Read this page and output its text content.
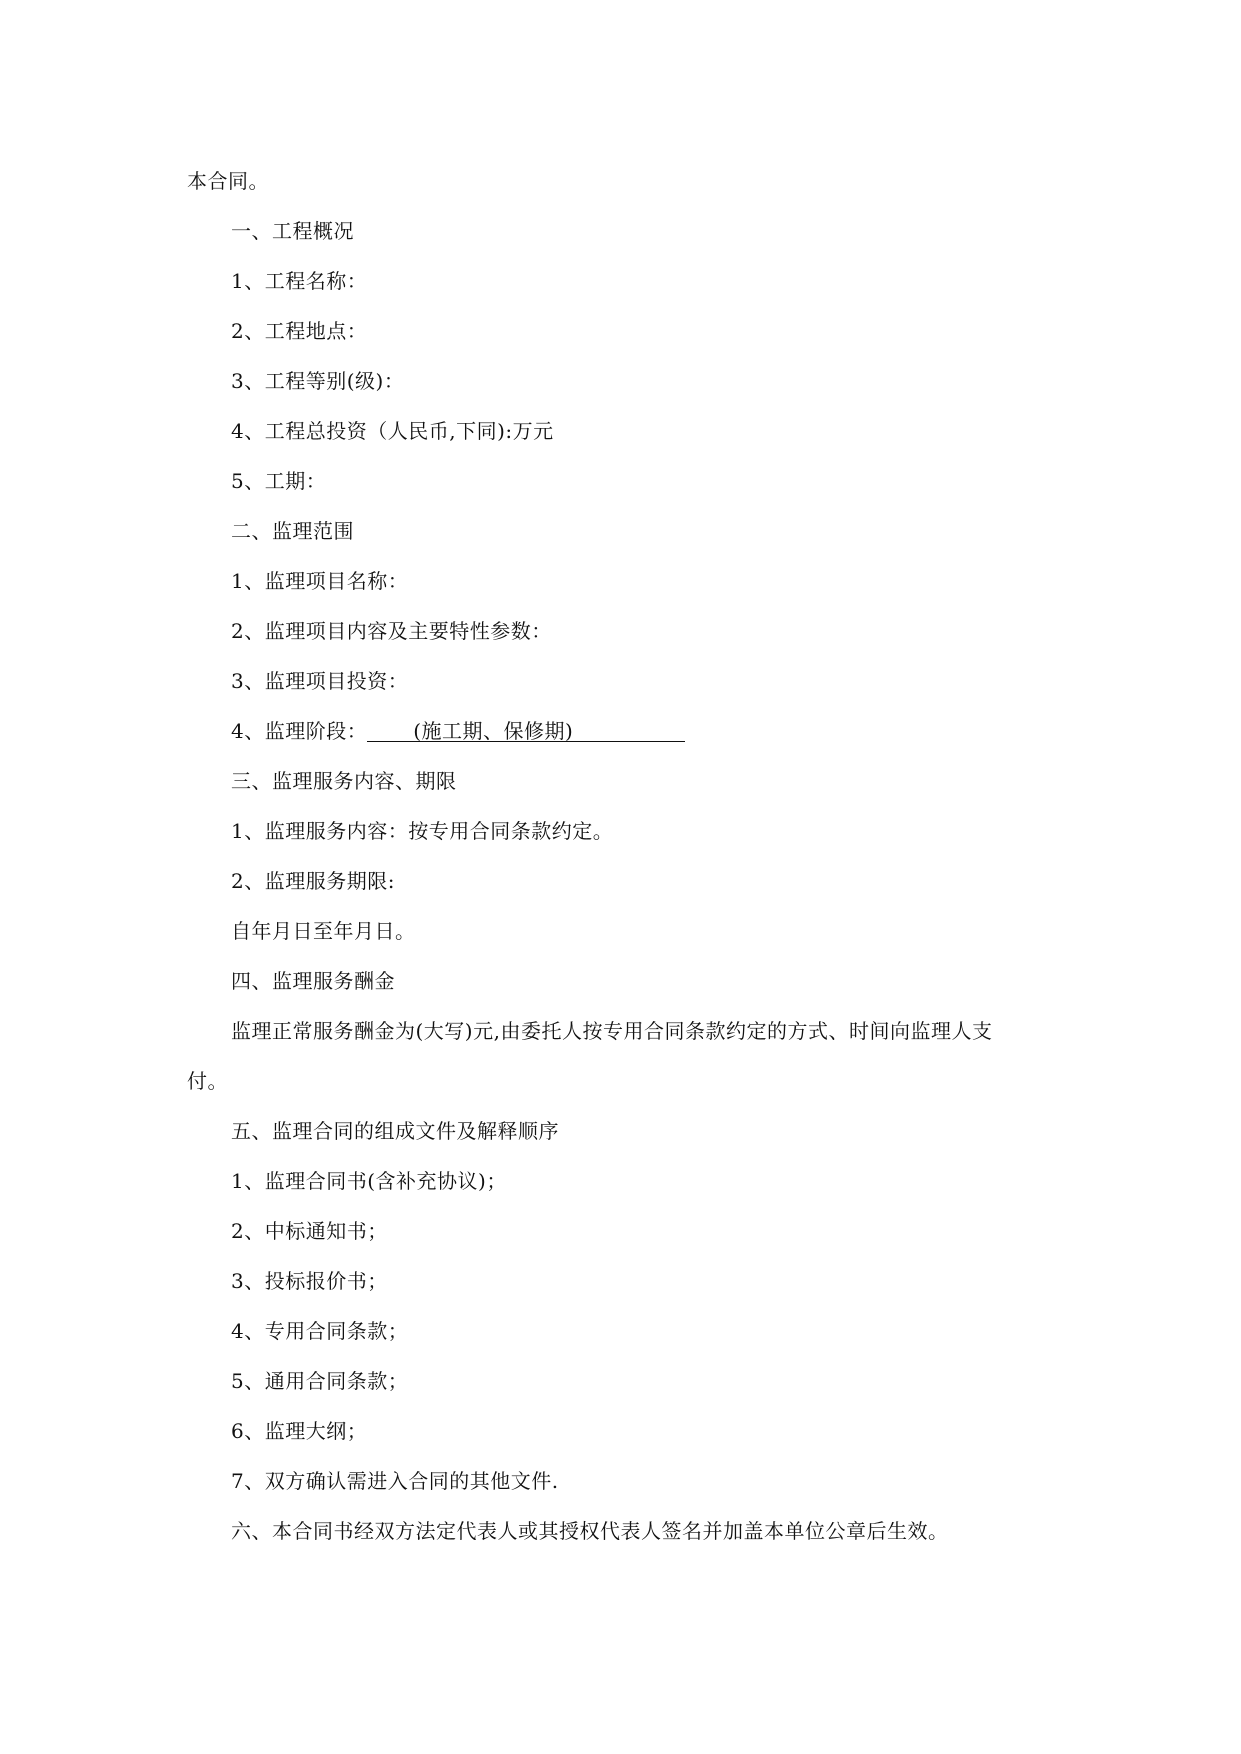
本合同。
一、工程概况
1、工程名称：
2、工程地点：
3、工程等别(级)：
4、工程总投资（人民币,下同):万元
5、工期：
二、监理范围
1、监理项目名称：
2、监理项目内容及主要特性参数：
3、监理项目投资：
4、监理阶段： (施工期、保修期)
三、监理服务内容、期限
1、监理服务内容：按专用合同条款约定。
2、监理服务期限:
自年月日至年月日。
四、监理服务酬金
监理正常服务酬金为(大写)元,由委托人按专用合同条款约定的方式、时间向监理人支
付。
五、监理合同的组成文件及解释顺序
1、监理合同书(含补充协议)；
2、中标通知书；
3、投标报价书；
4、专用合同条款；
5、通用合同条款；
6、监理大纲；
7、双方确认需进入合同的其他文件.
六、本合同书经双方法定代表人或其授权代表人签名并加盖本单位公章后生效。
